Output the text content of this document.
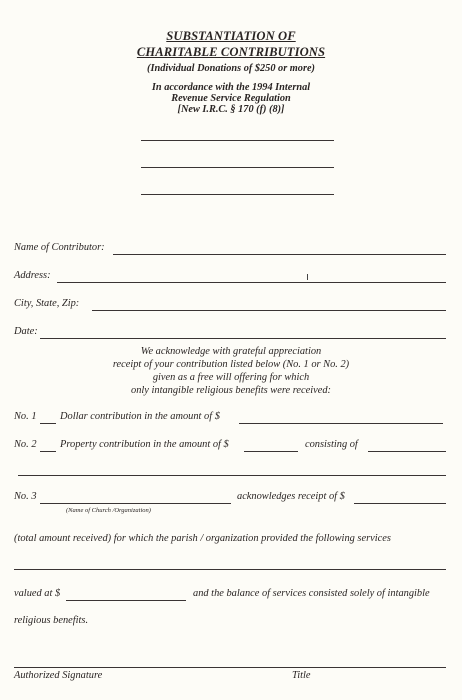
SUBSTANTIATION OF
CHARITABLE CONTRIBUTIONS
(Individual Donations of $250 or more)
In accordance with the 1994 Internal
Revenue Service Regulation
[New I.R.C. § 170 (f) (8)]
Name of Contributor:
Address:
City, State, Zip:
Date:
We acknowledge with grateful appreciation
receipt of your contribution listed below (No. 1 or No. 2)
given as a free will offering for which
only intangible religious benefits were received:
No. 1 Dollar contribution in the amount of $
No. 2 Property contribution in the amount of $	consisting of
No. 3
(Name of Church /Organization)
acknowledges receipt of $
(total amount received) for which the parish / organization provided the following services
valued at $	and the balance of services consisted solely of intangible
religious benefits.
Authorized Signature	Title
